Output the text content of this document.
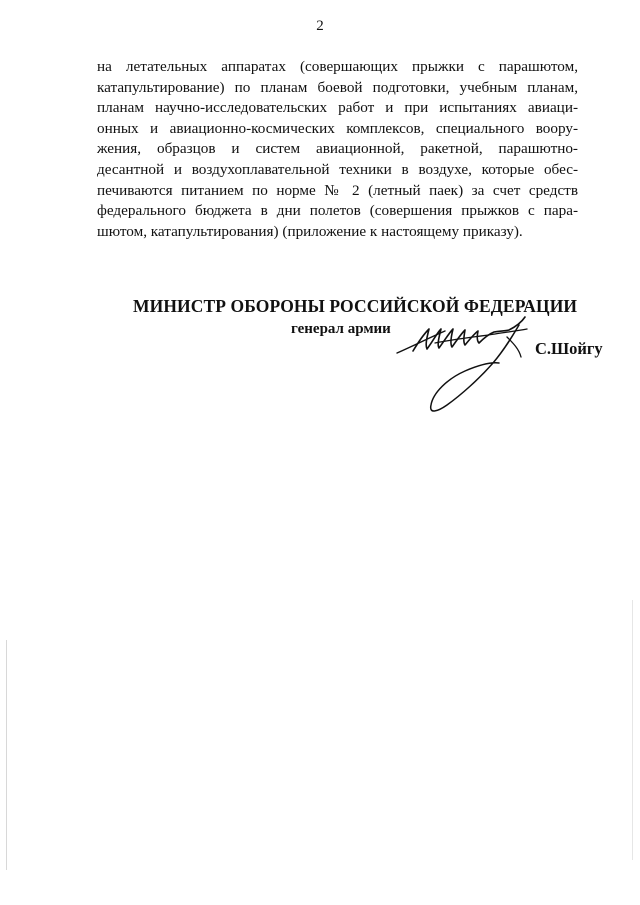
2
на летательных аппаратах (совершающих прыжки с парашютом,
катапультирование) по планам боевой подготовки, учебным планам,
планам научно-исследовательских работ и при испытаниях авиаци-
онных и авиационно-космических комплексов, специального воору-
жения, образцов и систем авиационной, ракетной, парашютно-
десантной и воздухоплавательной техники в воздухе, которые обес-
печиваются питанием по норме № 2 (летный паек) за счет средств
федерального бюджета в дни полетов (совершения прыжков с пара-
шютом, катапультирования) (приложение к настоящему приказу).
МИНИСТР ОБОРОНЫ РОССИЙСКОЙ ФЕДЕРАЦИИ
генерал армии
С.Шойгу
